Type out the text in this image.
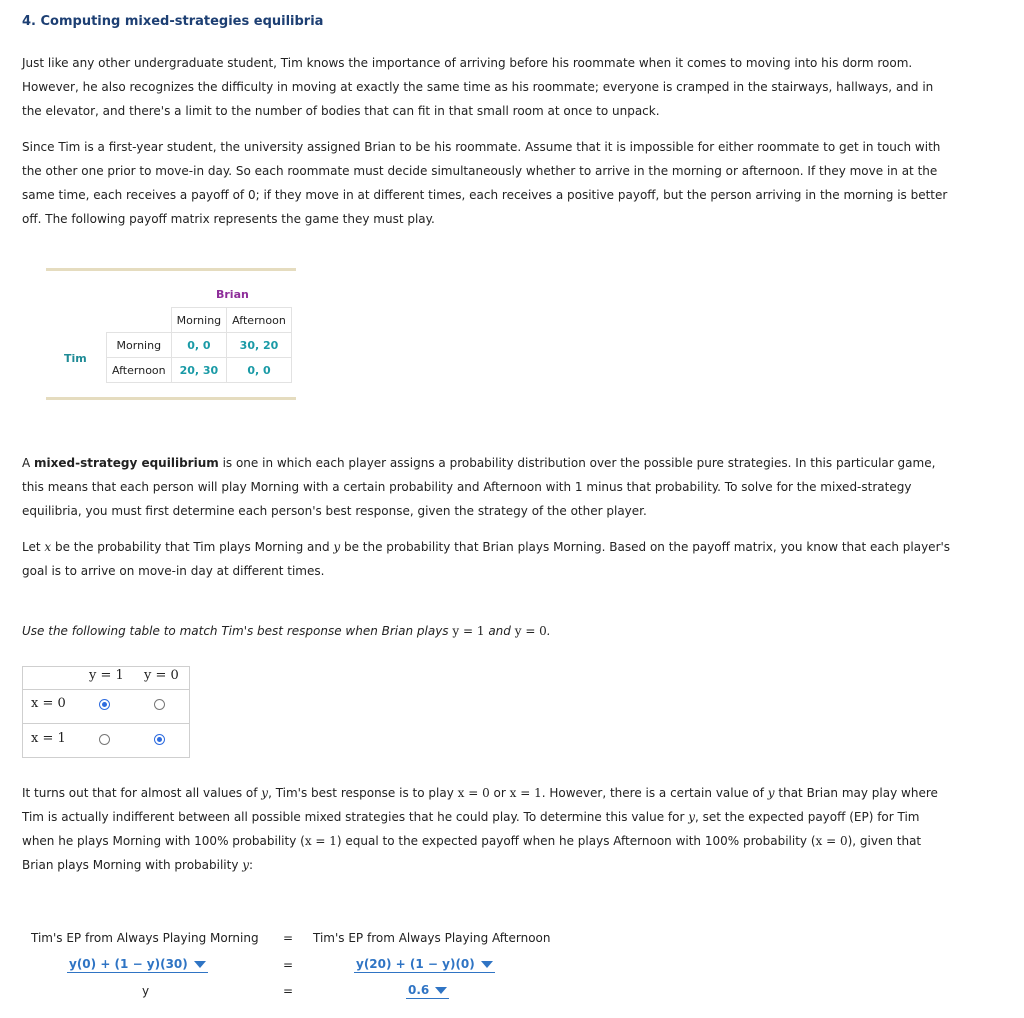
4. Computing mixed-strategies equilibria
Just like any other undergraduate student, Tim knows the importance of arriving before his roommate when it comes to moving into his dorm room. However, he also recognizes the difficulty in moving at exactly the same time as his roommate; everyone is cramped in the stairways, hallways, and in the elevator, and there's a limit to the number of bodies that can fit in that small room at once to unpack.
Since Tim is a first-year student, the university assigned Brian to be his roommate. Assume that it is impossible for either roommate to get in touch with the other one prior to move-in day. So each roommate must decide simultaneously whether to arrive in the morning or afternoon. If they move in at the same time, each receives a payoff of 0; if they move in at different times, each receives a positive payoff, but the person arriving in the morning is better off. The following payoff matrix represents the game they must play.
Brian
Tim
	Morning	Afternoon
Morning	0, 0	30, 20
Afternoon	20, 30	0, 0
A mixed-strategy equilibrium is one in which each player assigns a probability distribution over the possible pure strategies. In this particular game, this means that each person will play Morning with a certain probability and Afternoon with 1 minus that probability. To solve for the mixed-strategy equilibria, you must first determine each person's best response, given the strategy of the other player.
Let x be the probability that Tim plays Morning and y be the probability that Brian plays Morning. Based on the payoff matrix, you know that each player's goal is to arrive on move-in day at different times.
Use the following table to match Tim's best response when Brian plays y = 1 and y = 0.
y = 1 y = 0
x = 0
x = 1
It turns out that for almost all values of y, Tim's best response is to play x = 0 or x = 1. However, there is a certain value of y that Brian may play where Tim is actually indifferent between all possible mixed strategies that he could play. To determine this value for y, set the expected payoff (EP) for Tim when he plays Morning with 100% probability (x = 1) equal to the expected payoff when he plays Afternoon with 100% probability (x = 0), given that Brian plays Morning with probability y:
Tim's EP from Always Playing Morning = Tim's EP from Always Playing Afternoon
y(0) + (1 − y)(30)	=	y(20) + (1 − y)(0)
y	=	0.6
